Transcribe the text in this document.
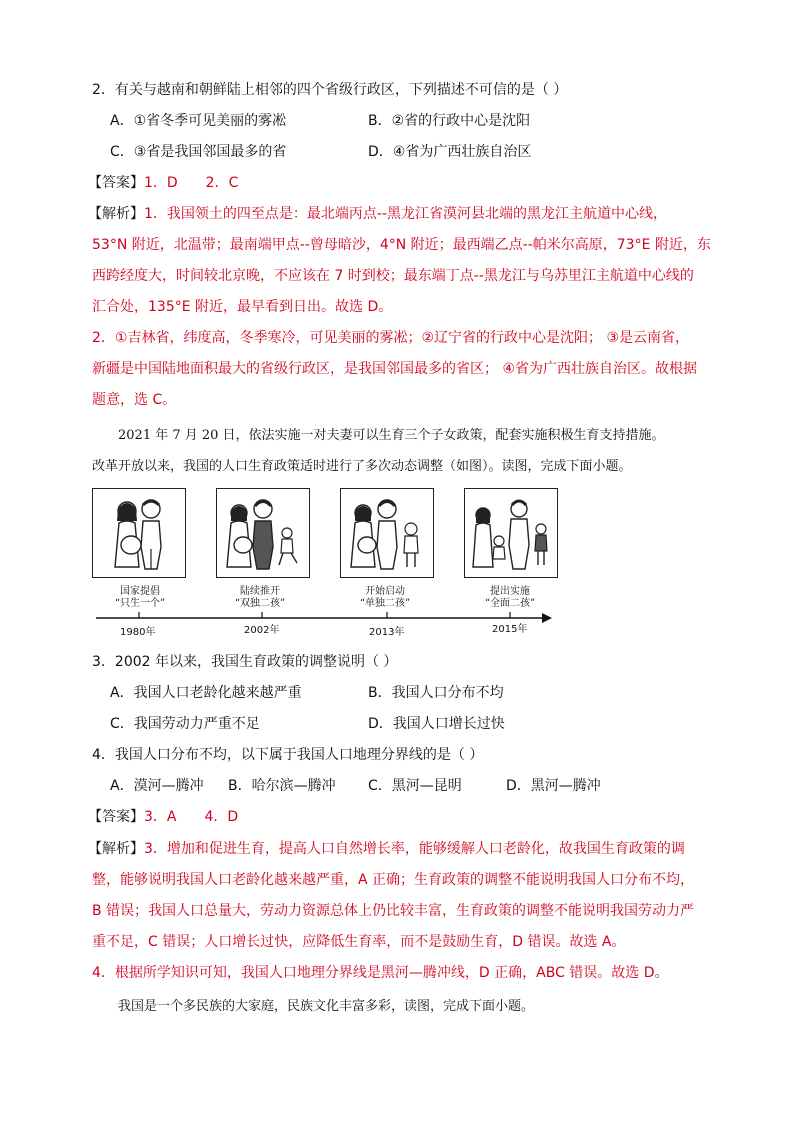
2．有关与越南和朝鲜陆上相邻的四个省级行政区，下列描述不可信的是（ ）
A．①省冬季可见美丽的雾凇	B．②省的行政中心是沈阳
C．③省是我国邻国最多的省	D．④省为广西壮族自治区
【答案】1．D　　2．C
【解析】1．我国领土的四至点是：最北端丙点--黑龙江省漠河县北端的黑龙江主航道中心线，
53°N 附近，北温带；最南端甲点--曾母暗沙，4°N 附近；最西端乙点--帕米尔高原，73°E 附近，东
西跨经度大，时间较北京晚，不应该在 7 时到校；最东端丁点--黑龙江与乌苏里江主航道中心线的
汇合处，135°E 附近，最早看到日出。故选 D。
2．①吉林省，纬度高，冬季寒冷，可见美丽的雾凇；②辽宁省的行政中心是沈阳； ③是云南省，
新疆是中国陆地面积最大的省级行政区，是我国邻国最多的省区； ④省为广西壮族自治区。故根据
题意，选 C。
2021 年 7 月 20 日，依法实施一对夫妻可以生育三个子女政策，配套实施积极生育支持措施。
改革开放以来，我国的人口生育政策适时进行了多次动态调整（如图）。读图，完成下面小题。
国家提倡
“只生一个”
陆续推开
“双独二孩”
开始启动
“单独二孩”
提出实施
“全面二孩”
1980年	2002年	2013年	2015年
3．2002 年以来，我国生育政策的调整说明（ ）
A．我国人口老龄化越来越严重	B．我国人口分布不均
C．我国劳动力严重不足	D．我国人口增长过快
4．我国人口分布不均，以下属于我国人口地理分界线的是（ ）
A．漠河—腾冲 B．哈尔滨—腾冲 C．黑河—昆明	D．黑河—腾冲
【答案】3．A　　4．D
【解析】3．增加和促进生育，提高人口自然增长率，能够缓解人口老龄化，故我国生育政策的调
整，能够说明我国人口老龄化越来越严重，A 正确；生育政策的调整不能说明我国人口分布不均，
B 错误；我国人口总量大，劳动力资源总体上仍比较丰富，生育政策的调整不能说明我国劳动力严
重不足，C 错误；人口增长过快，应降低生育率，而不是鼓励生育，D 错误。故选 A。
4．根据所学知识可知，我国人口地理分界线是黑河—腾冲线，D 正确，ABC 错误。故选 D。
我国是一个多民族的大家庭，民族文化丰富多彩，读图，完成下面小题。
